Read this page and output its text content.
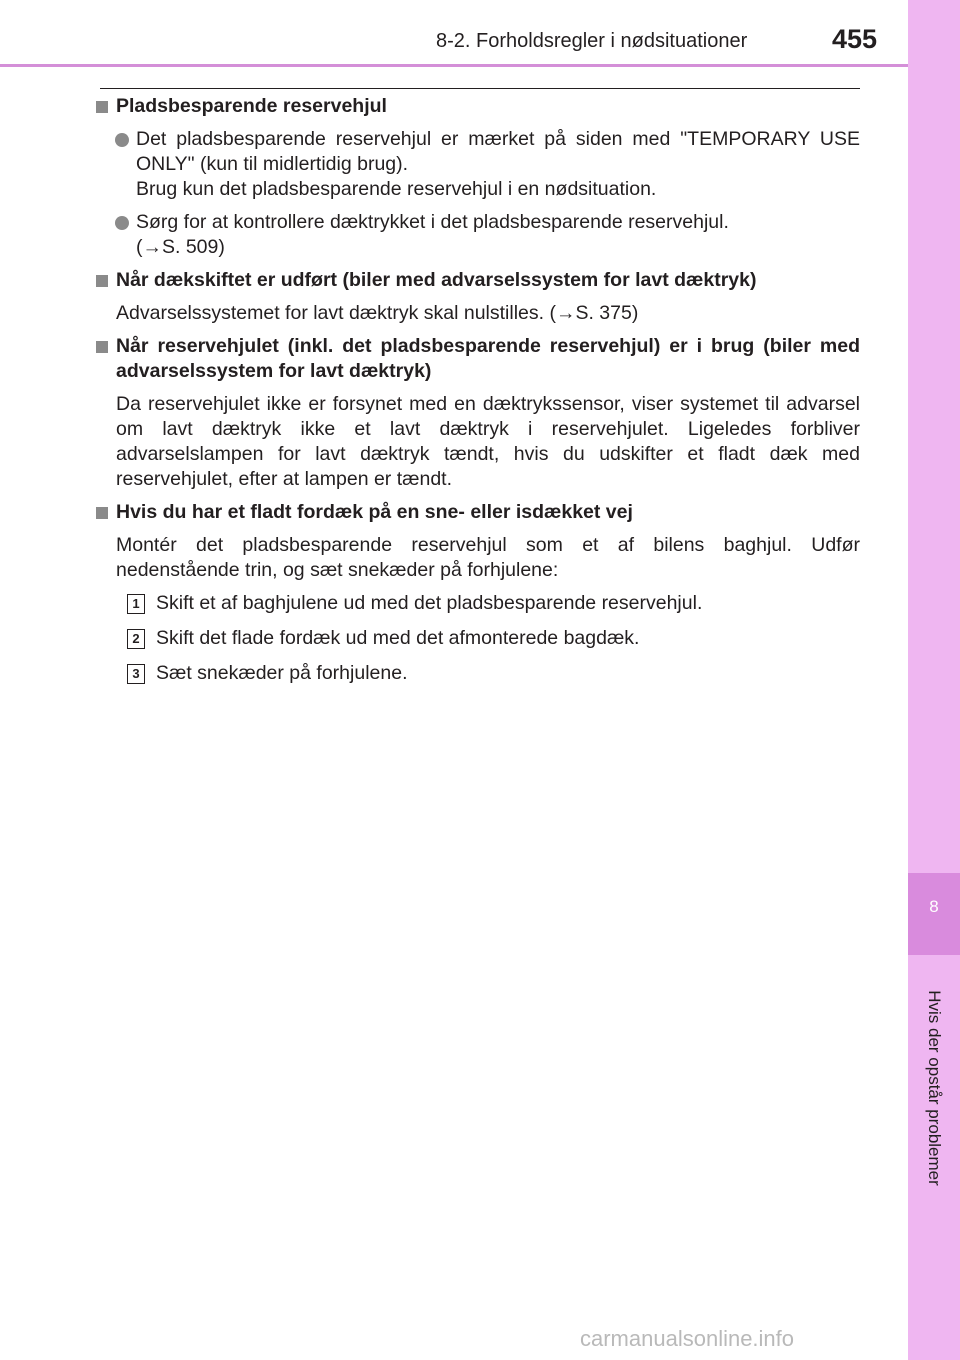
8-2. Forholdsregler i nødsituationer	455
8
Hvis der opstår problemer
Pladsbesparende reservehjul
Det pladsbesparende reservehjul er mærket på siden med "TEMPORARY USE ONLY" (kun til midlertidig brug).
Brug kun det pladsbesparende reservehjul i en nødsituation.
Sørg for at kontrollere dæktrykket i det pladsbesparende reservehjul.
(→S. 509)
Når dækskiftet er udført (biler med advarselssystem for lavt dæktryk)
Advarselssystemet for lavt dæktryk skal nulstilles. (→S. 375)
Når reservehjulet (inkl. det pladsbesparende reservehjul) er i brug (biler med advarselssystem for lavt dæktryk)
Da reservehjulet ikke er forsynet med en dæktrykssensor, viser systemet til advarsel om lavt dæktryk ikke et lavt dæktryk i reservehjulet. Ligeledes forbliver advarselslampen for lavt dæktryk tændt, hvis du udskifter et fladt dæk med reservehjulet, efter at lampen er tændt.
Hvis du har et fladt fordæk på en sne- eller isdækket vej
Montér det pladsbesparende reservehjul som et af bilens baghjul. Udfør nedenstående trin, og sæt snekæder på forhjulene:
1 Skift et af baghjulene ud med det pladsbesparende reservehjul.
2 Skift det flade fordæk ud med det afmonterede bagdæk.
3 Sæt snekæder på forhjulene.
carmanualsonline.info
